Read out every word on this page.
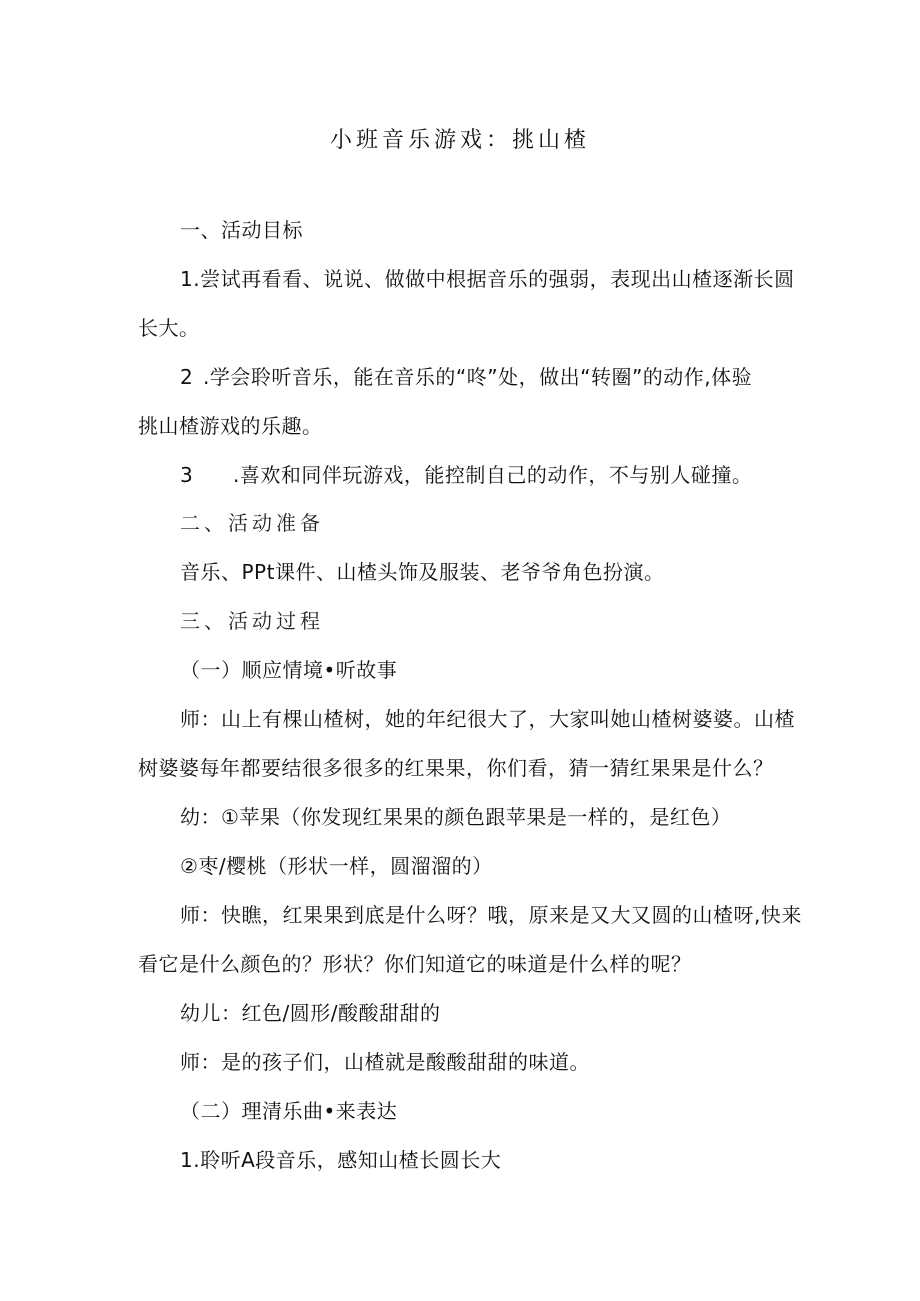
小班音乐游戏：挑山楂
一、活动目标
1.尝试再看看、说说、做做中根据音乐的强弱，表现出山楂逐渐长圆
长大。
2 .学会聆听音乐，能在音乐的“咚”处，做出“转圈”的动作,体验
挑山楂游戏的乐趣。
3 .喜欢和同伴玩游戏，能控制自己的动作，不与别人碰撞。
二、活动准备
音乐、PPt课件、山楂头饰及服装、老爷爷角色扮演。
三、活动过程
（一）顺应情境•听故事
师：山上有棵山楂树，她的年纪很大了，大家叫她山楂树婆婆。山楂
树婆婆每年都要结很多很多的红果果，你们看，猜一猜红果果是什么？
幼：①苹果（你发现红果果的颜色跟苹果是一样的，是红色）
②枣/樱桃（形状一样，圆溜溜的）
师：快瞧，红果果到底是什么呀？哦，原来是又大又圆的山楂呀,快来
看它是什么颜色的？形状？你们知道它的味道是什么样的呢？
幼儿：红色/圆形/酸酸甜甜的
师：是的孩子们，山楂就是酸酸甜甜的味道。
（二）理清乐曲•来表达
1.聆听A段音乐，感知山楂长圆长大
